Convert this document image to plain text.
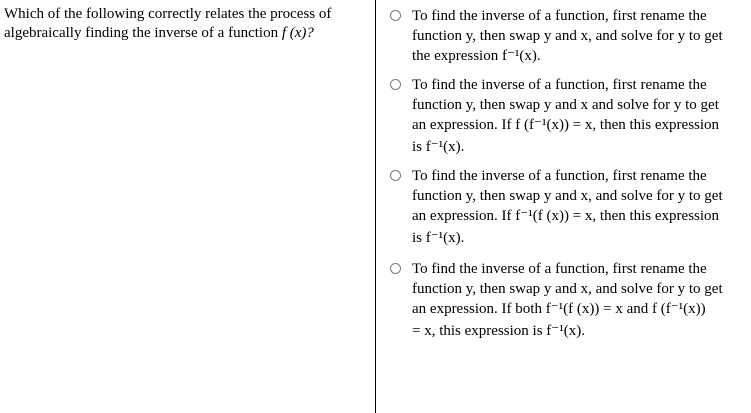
Which of the following correctly relates the process of
algebraically finding the inverse of a function f (x)?
To find the inverse of a function, first rename the
function y, then swap y and x, and solve for y to get
the expression f⁻¹(x).
To find the inverse of a function, first rename the
function y, then swap y and x and solve for y to get
an expression. If f (f⁻¹(x)) = x, then this expression
is f⁻¹(x).
To find the inverse of a function, first rename the
function y, then swap y and x, and solve for y to get
an expression. If f⁻¹(f (x)) = x, then this expression
is f⁻¹(x).
To find the inverse of a function, first rename the
function y, then swap y and x, and solve for y to get
an expression. If both f⁻¹(f (x)) = x and f (f⁻¹(x))
= x, this expression is f⁻¹(x).
